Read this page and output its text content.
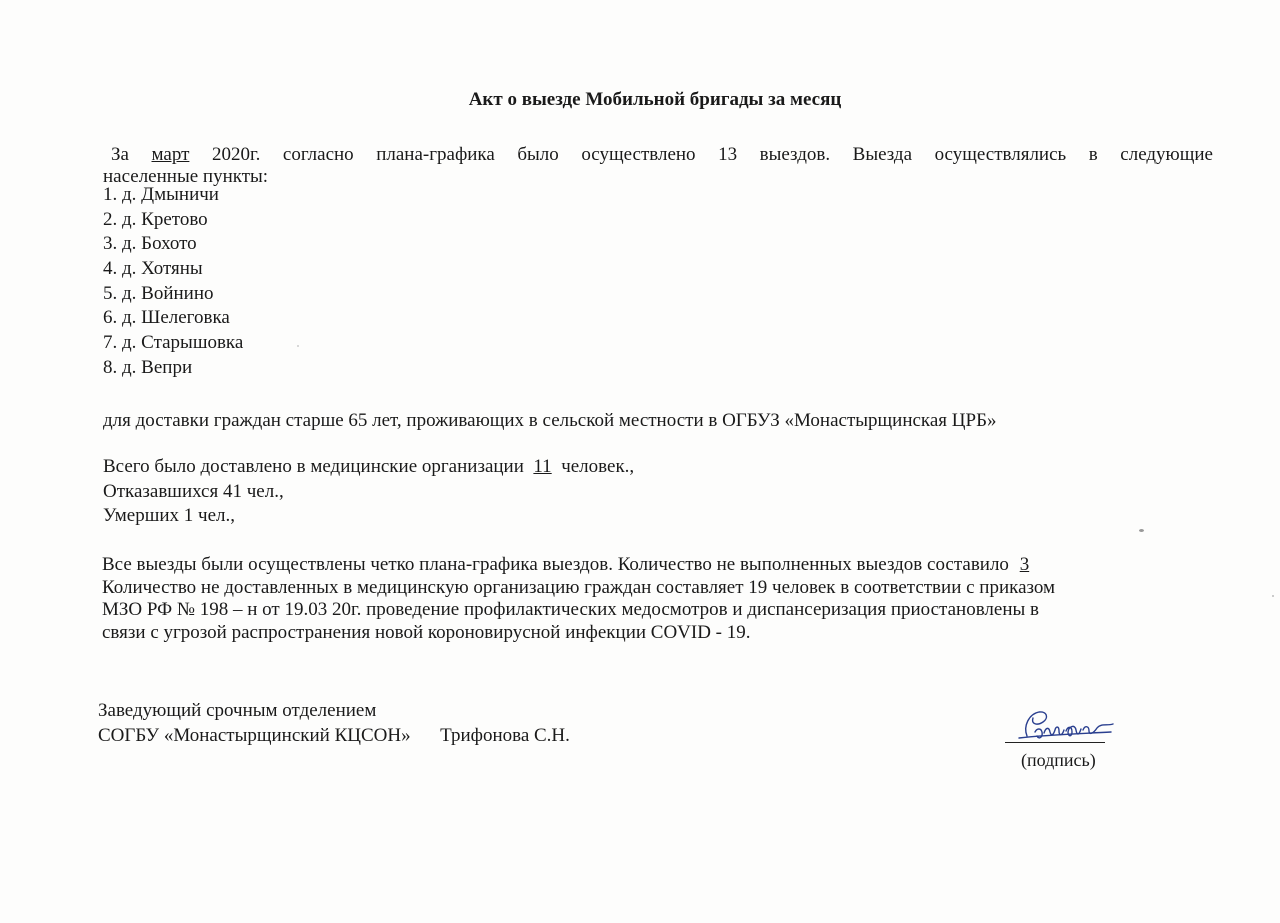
Акт о выезде Мобильной бригады за месяц
За март 2020г. согласно плана-графика было осуществлено 13 выездов. Выезда осуществлялись в следующие
населенные пункты:
1. д. Дмыничи
2. д. Кретово
3. д. Бохото
4. д. Хотяны
5. д. Войнино
6. д. Шелеговка
7. д. Старышовка
8. д. Вепри
для доставки граждан старше 65 лет, проживающих в сельской местности в ОГБУЗ «Монастырщинская ЦРБ»
Всего было доставлено в медицинские организации 11 человек.,
Отказавшихся 41 чел.,
Умерших 1 чел.,
Все выезды были осуществлены четко плана-графика выездов. Количество не выполненных выездов составило 3
Количество не доставленных в медицинскую организацию граждан составляет 19 человек в соответствии с приказом
МЗО РФ № 198 – н от 19.03 20г. проведение профилактических медосмотров и диспансеризация приостановлены в
связи с угрозой распространения новой короновирусной инфекции COVID - 19.
Заведующий срочным отделением
СОГБУ «Монастырщинский КЦСОН» Трифонова С.Н.
(подпись)
